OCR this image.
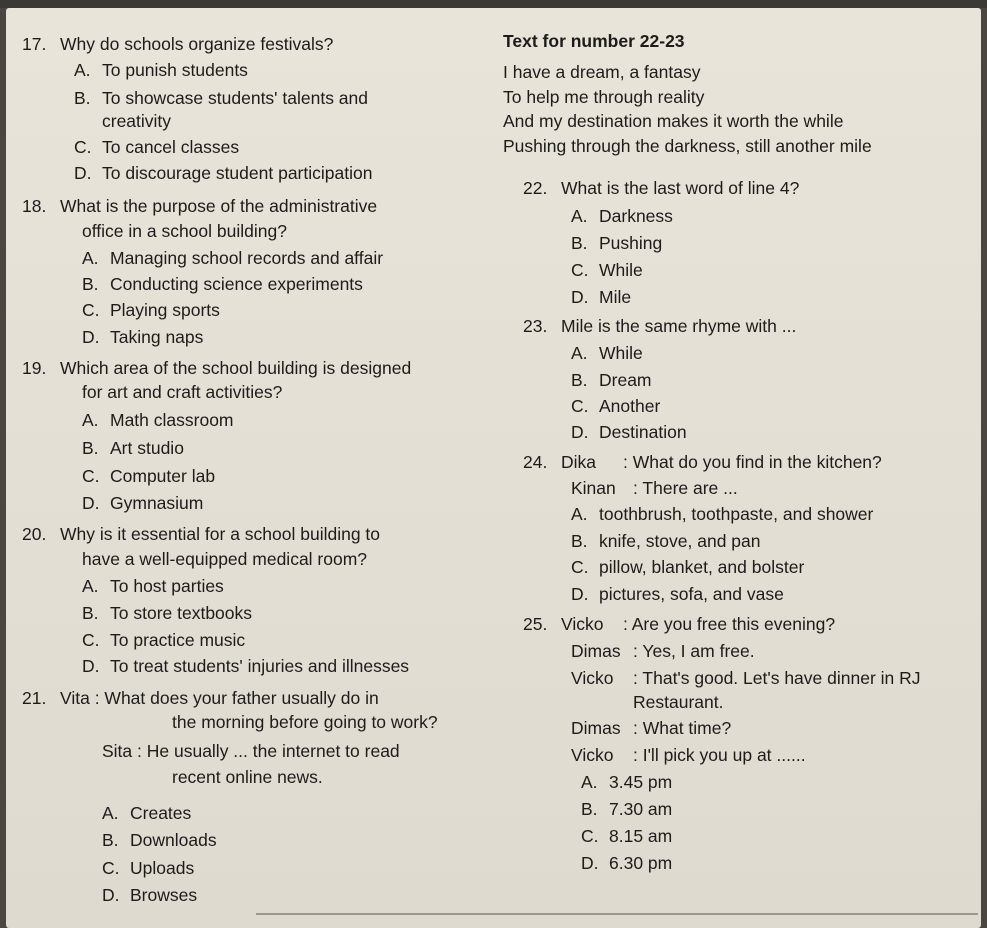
17. Why do schools organize festivals?
A. To punish students
B. To showcase students' talents and
creativity
C. To cancel classes
D. To discourage student participation
18. What is the purpose of the administrative
office in a school building?
A. Managing school records and affair
B. Conducting science experiments
C. Playing sports
D. Taking naps
19. Which area of the school building is designed
for art and craft activities?
A. Math classroom
B. Art studio
C. Computer lab
D. Gymnasium
20. Why is it essential for a school building to
have a well-equipped medical room?
A. To host parties
B. To store textbooks
C. To practice music
D. To treat students' injuries and illnesses
21. Vita : What does your father usually do in
the morning before going to work?
Sita : He usually ... the internet to read
recent online news.
A. Creates
B. Downloads
C. Uploads
D. Browses
Text for number 22-23
I have a dream, a fantasy
To help me through reality
And my destination makes it worth the while
Pushing through the darkness, still another mile
22. What is the last word of line 4?
A. Darkness
B. Pushing
C. While
D. Mile
23. Mile is the same rhyme with ...
A. While
B. Dream
C. Another
D. Destination
24. Dika : What do you find in the kitchen?
Kinan : There are ...
A. toothbrush, toothpaste, and shower
B. knife, stove, and pan
C. pillow, blanket, and bolster
D. pictures, sofa, and vase
25. Vicko : Are you free this evening?
Dimas : Yes, I am free.
Vicko : That's good. Let's have dinner in RJ
Restaurant.
Dimas : What time?
Vicko : I'll pick you up at ......
A. 3.45 pm
B. 7.30 am
C. 8.15 am
D. 6.30 pm
